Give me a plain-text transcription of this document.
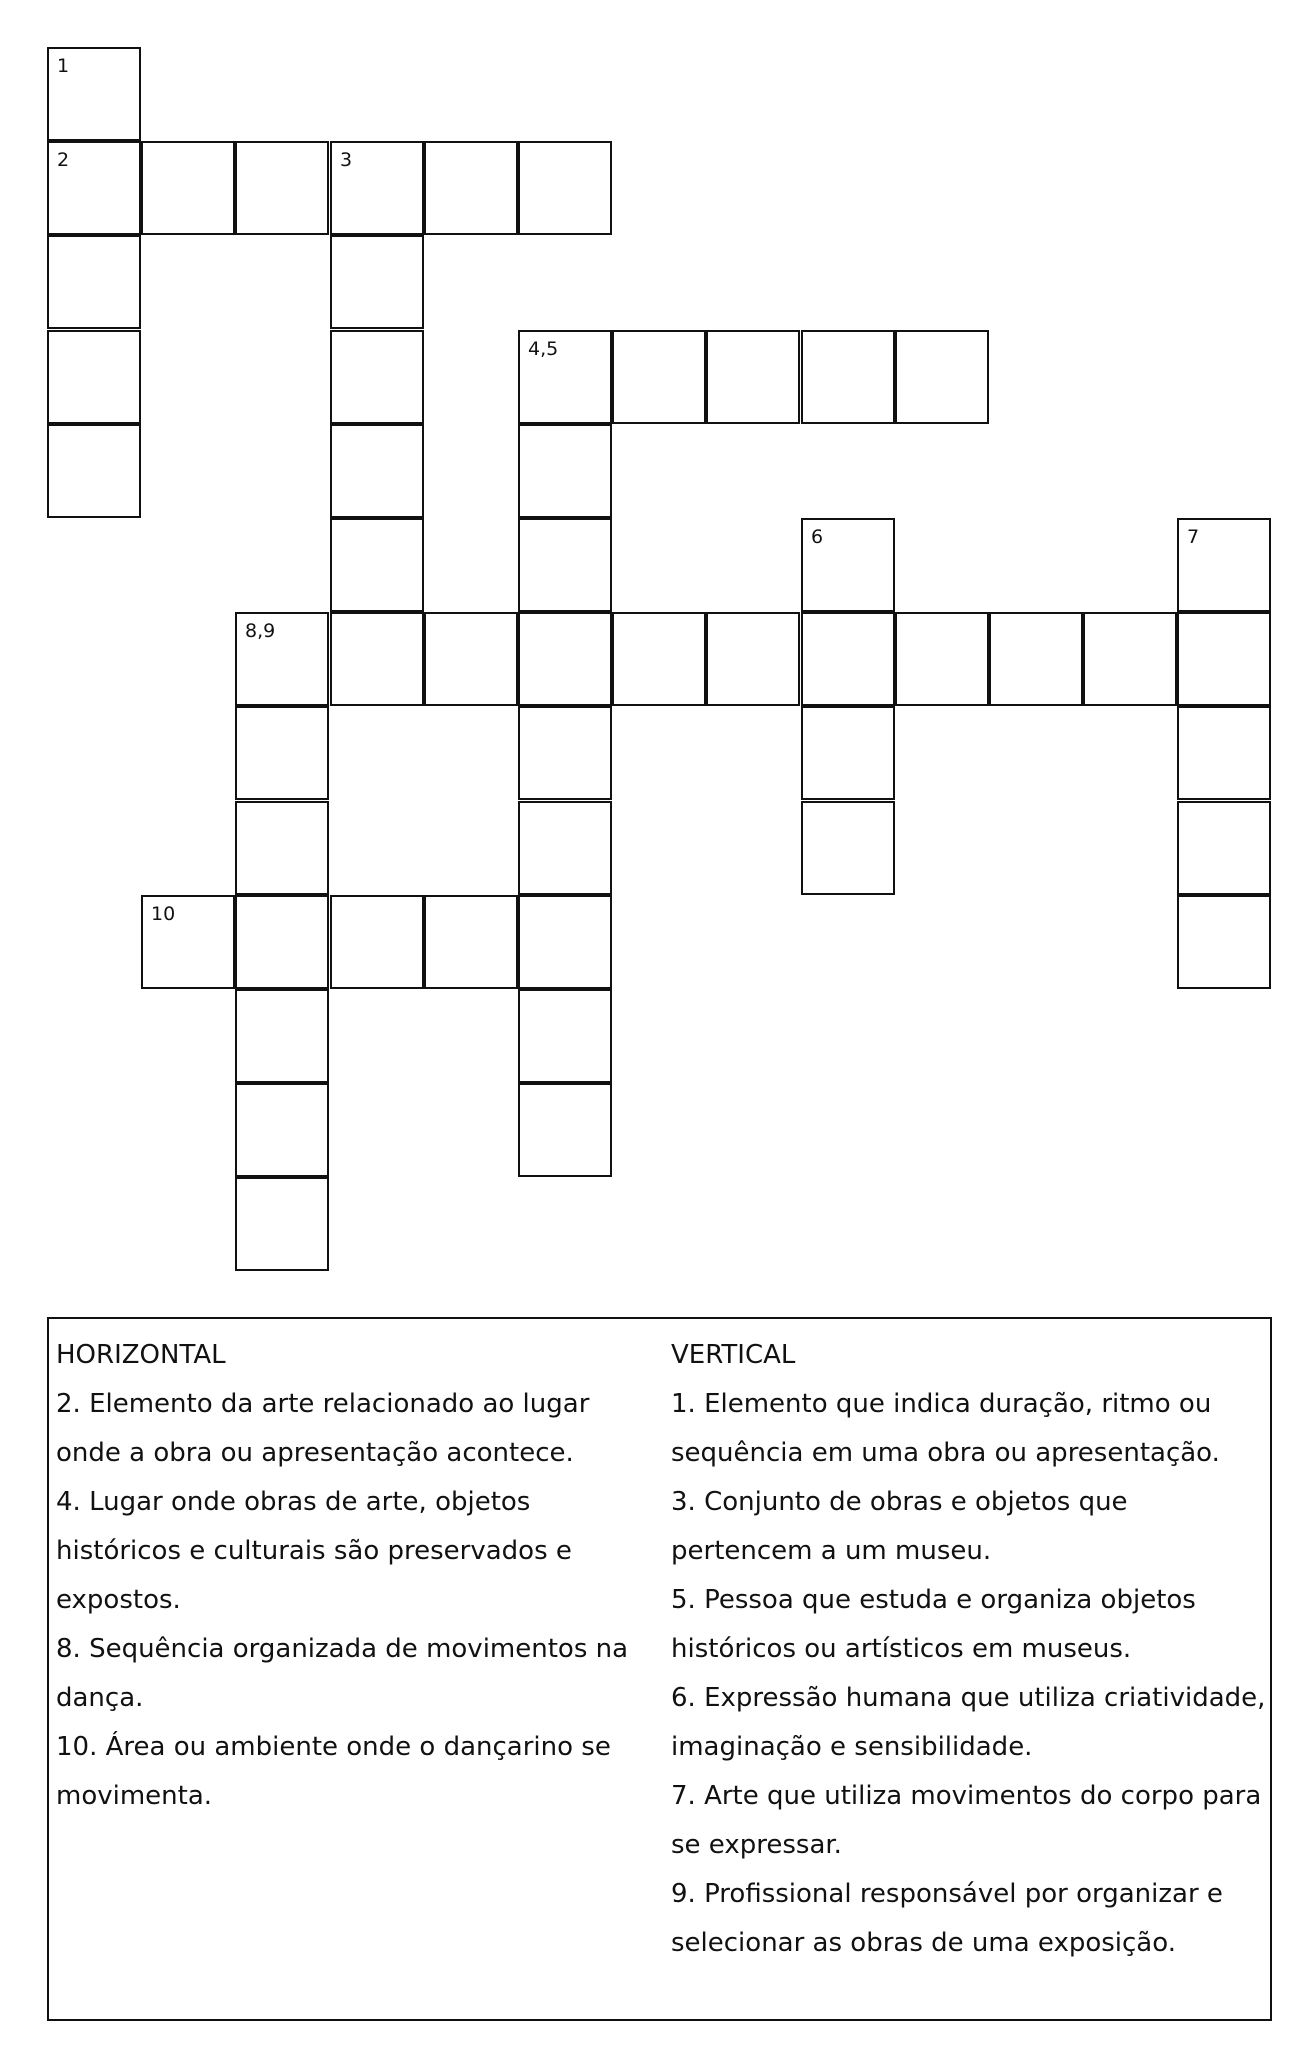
1
2	3
4,5
6	7
8,9
10
HORIZONTAL
2. Elemento da arte relacionado ao lugar onde a obra ou apresentação acontece.
4. Lugar onde obras de arte, objetos históricos e culturais são preservados e expostos.
8. Sequência organizada de movimentos na dança.
10. Área ou ambiente onde o dançarino se movimenta.
VERTICAL
1. Elemento que indica duração, ritmo ou sequência em uma obra ou apresentação.
3. Conjunto de obras e objetos que pertencem a um museu.
5. Pessoa que estuda e organiza objetos históricos ou artísticos em museus.
6. Expressão humana que utiliza criatividade, imaginação e sensibilidade.
7. Arte que utiliza movimentos do corpo para se expressar.
9. Profissional responsável por organizar e selecionar as obras de uma exposição.
